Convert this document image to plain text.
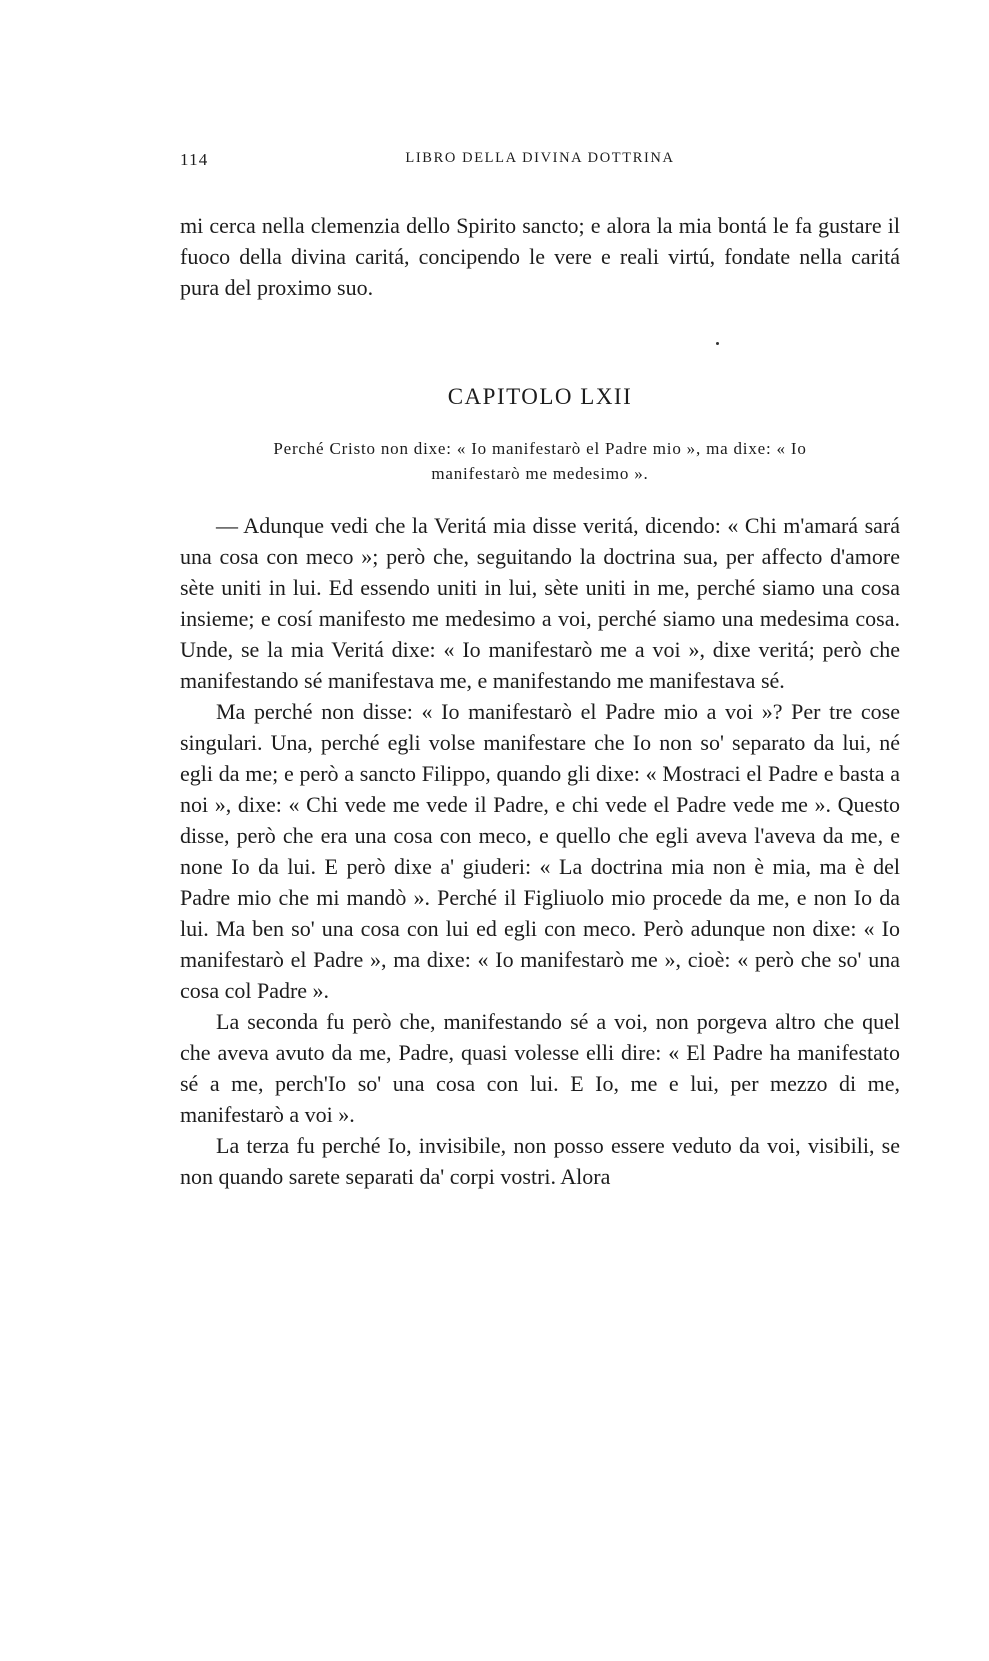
114	LIBRO DELLA DIVINA DOTTRINA

mi cerca nella clemenzia dello Spirito sancto; e alora la mia bontá le fa gustare il fuoco della divina caritá, concipendo le vere e reali virtú, fondate nella caritá pura del proximo suo.

CAPITOLO LXII
Perché Cristo non dixe: « Io manifestarò el Padre mio », ma dixe: « Io manifestarò me medesimo ».

— Adunque vedi che la Veritá mia disse veritá, dicendo: « Chi m'amará sará una cosa con meco »; però che, seguitando la doctrina sua, per affecto d'amore sète uniti in lui. Ed essendo uniti in lui, sète uniti in me, perché siamo una cosa insieme; e cosí manifesto me medesimo a voi, perché siamo una medesima cosa. Unde, se la mia Veritá dixe: « Io manifestarò me a voi », dixe veritá; però che manifestando sé manifestava me, e manifestando me manifestava sé.

Ma perché non disse: « Io manifestarò el Padre mio a voi »? Per tre cose singulari. Una, perché egli volse manifestare che Io non so' separato da lui, né egli da me; e però a sancto Filippo, quando gli dixe: « Mostraci el Padre e basta a noi », dixe: « Chi vede me vede il Padre, e chi vede el Padre vede me ». Questo disse, però che era una cosa con meco, e quello che egli aveva l'aveva da me, e none Io da lui. E però dixe a' giuderi: « La doctrina mia non è mia, ma è del Padre mio che mi mandò ». Perché il Figliuolo mio procede da me, e non Io da lui. Ma ben so' una cosa con lui ed egli con meco. Però adunque non dixe: « Io manifestarò el Padre », ma dixe: « Io manifestarò me », cioè: « però che so' una cosa col Padre ».

La seconda fu però che, manifestando sé a voi, non porgeva altro che quel che aveva avuto da me, Padre, quasi volesse elli dire: « El Padre ha manifestato sé a me, perch'Io so' una cosa con lui. E Io, me e lui, per mezzo di me, manifestarò a voi ».

La terza fu perché Io, invisibile, non posso essere veduto da voi, visibili, se non quando sarete separati da' corpi vostri. Alora
